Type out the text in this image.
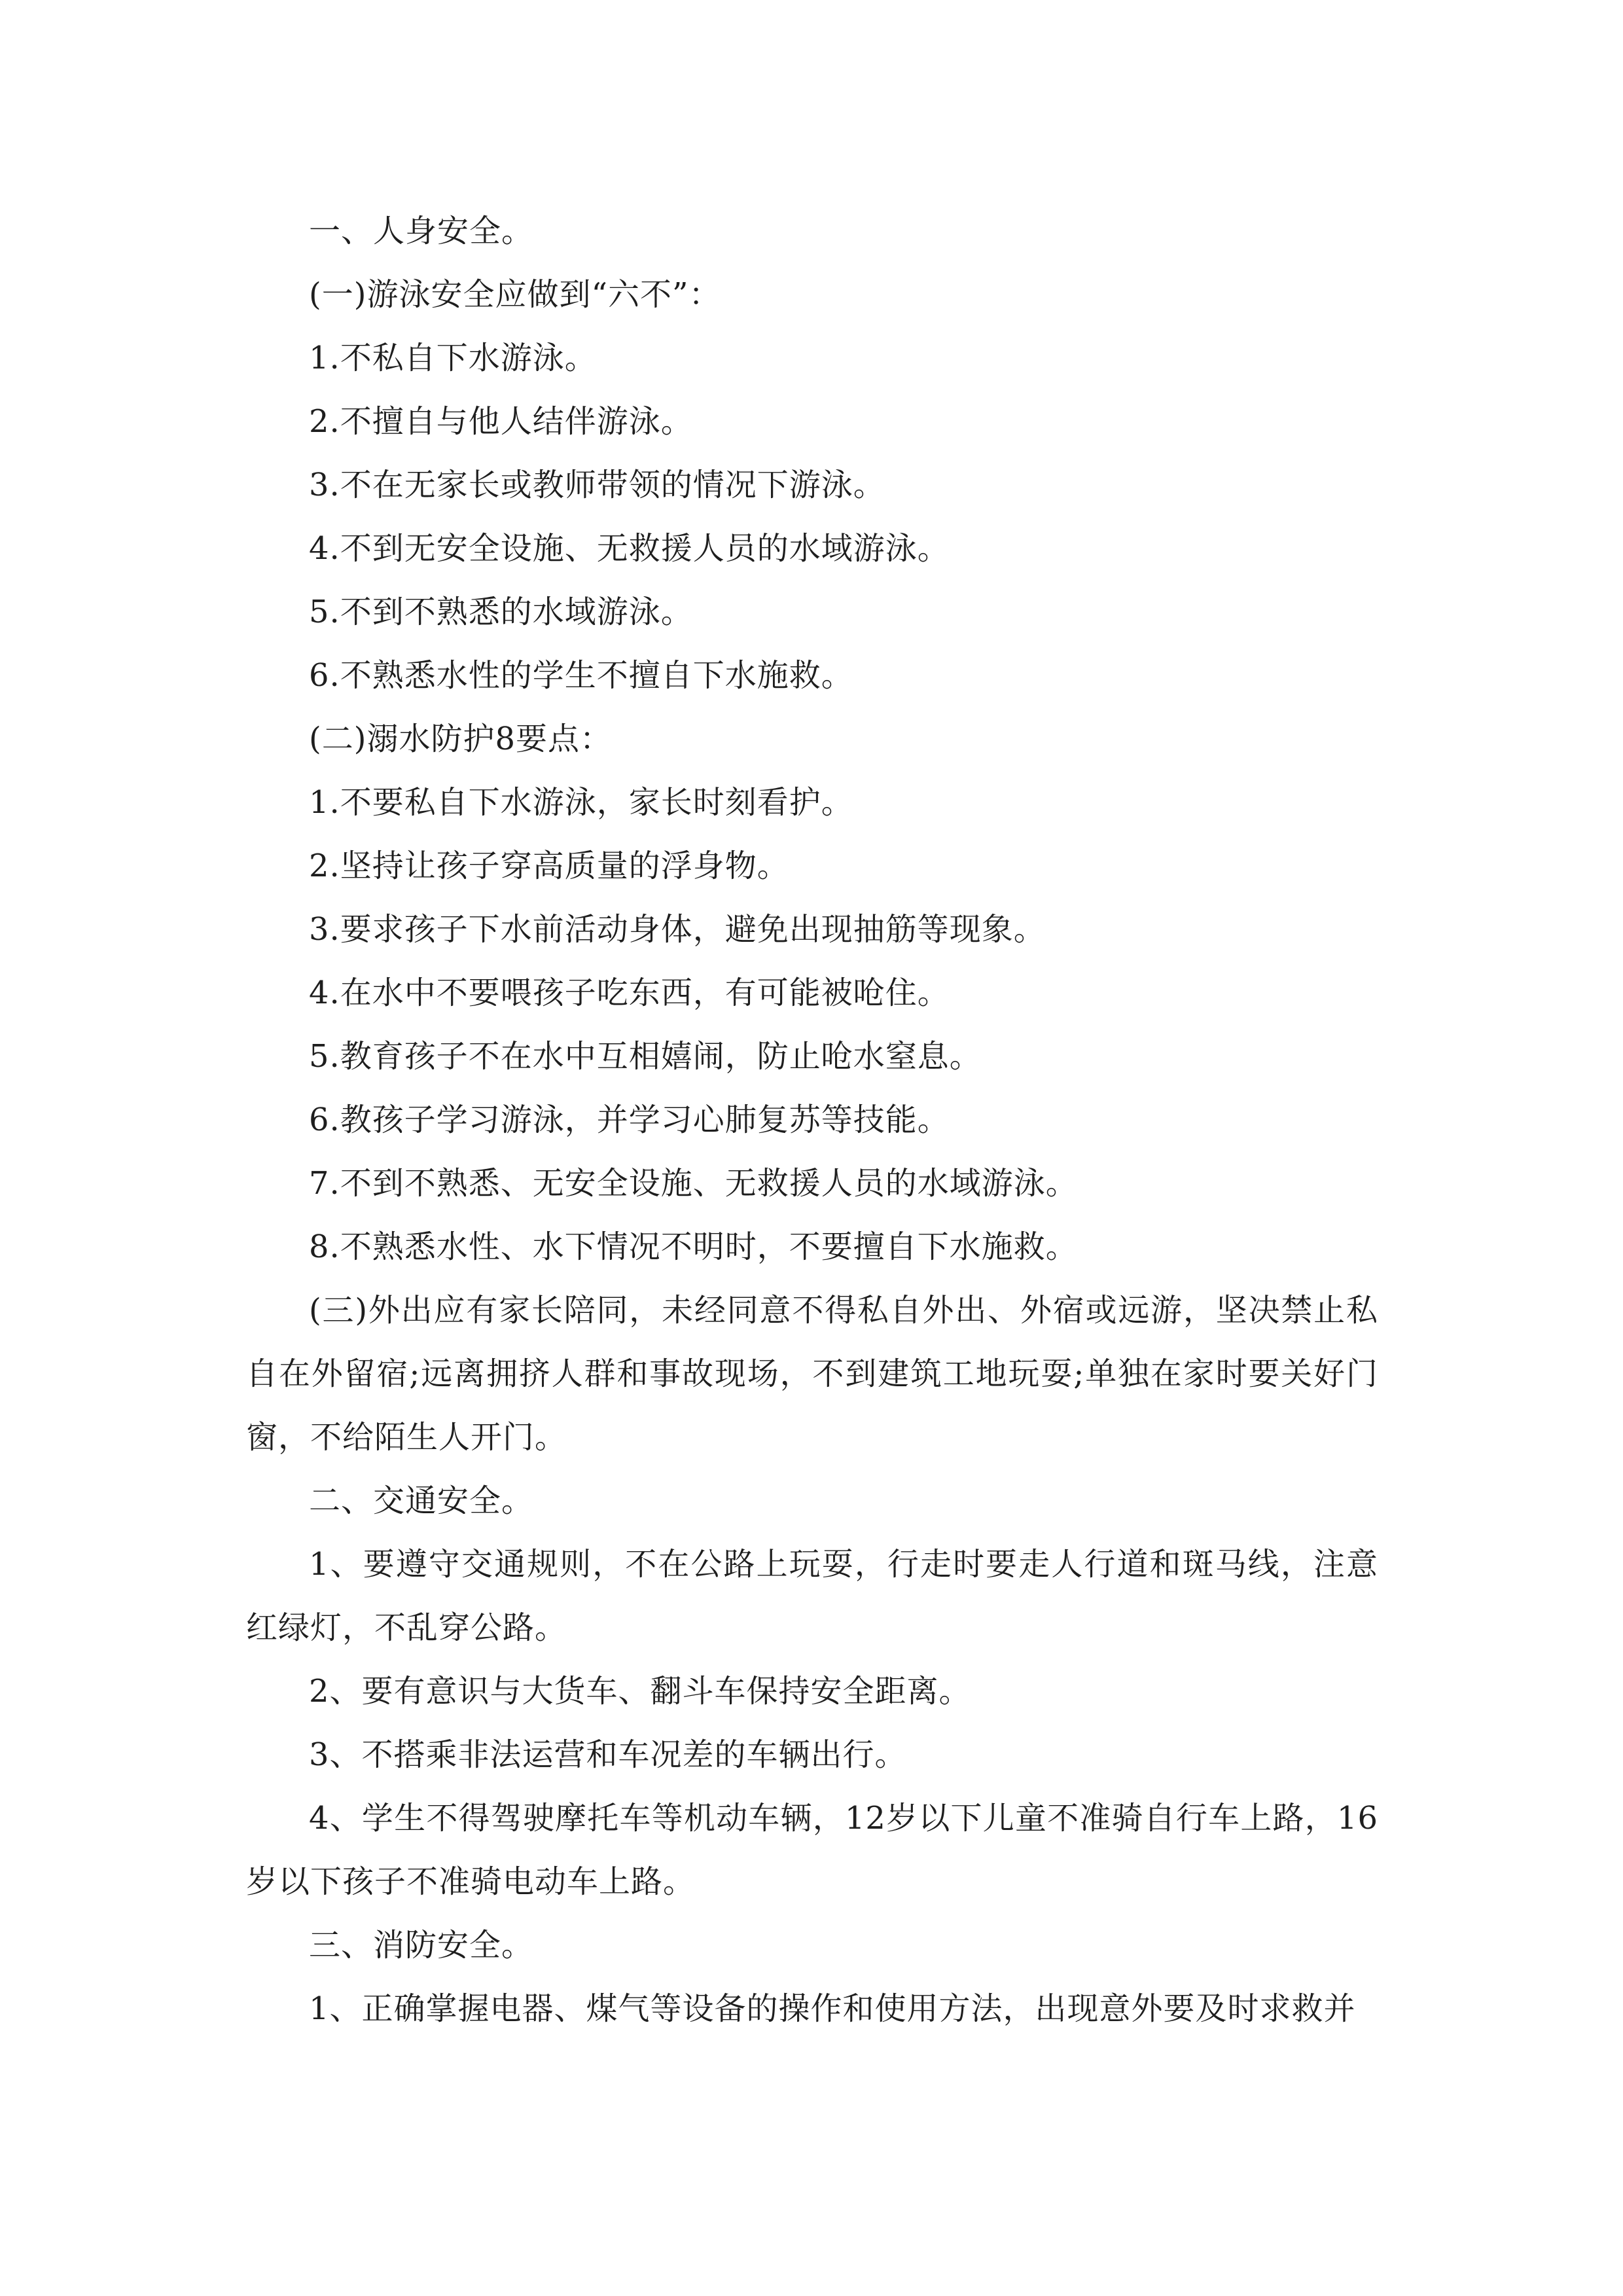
一、人身安全。

(一)游泳安全应做到“六不”：

1.不私自下水游泳。

2.不擅自与他人结伴游泳。

3.不在无家长或教师带领的情况下游泳。

4.不到无安全设施、无救援人员的水域游泳。

5.不到不熟悉的水域游泳。

6.不熟悉水性的学生不擅自下水施救。

(二)溺水防护8要点：

1.不要私自下水游泳，家长时刻看护。

2.坚持让孩子穿高质量的浮身物。

3.要求孩子下水前活动身体，避免出现抽筋等现象。

4.在水中不要喂孩子吃东西，有可能被呛住。

5.教育孩子不在水中互相嬉闹，防止呛水窒息。

6.教孩子学习游泳，并学习心肺复苏等技能。

7.不到不熟悉、无安全设施、无救援人员的水域游泳。

8.不熟悉水性、水下情况不明时，不要擅自下水施救。

(三)外出应有家长陪同，未经同意不得私自外出、外宿或远游，坚决禁止私自在外留宿;远离拥挤人群和事故现场，不到建筑工地玩耍;单独在家时要关好门窗，不给陌生人开门。

二、交通安全。

1、要遵守交通规则，不在公路上玩耍，行走时要走人行道和斑马线，注意红绿灯，不乱穿公路。

2、要有意识与大货车、翻斗车保持安全距离。

3、不搭乘非法运营和车况差的车辆出行。

4、学生不得驾驶摩托车等机动车辆，12岁以下儿童不准骑自行车上路，16岁以下孩子不准骑电动车上路。

三、消防安全。

1、正确掌握电器、煤气等设备的操作和使用方法，出现意外要及时求救并
